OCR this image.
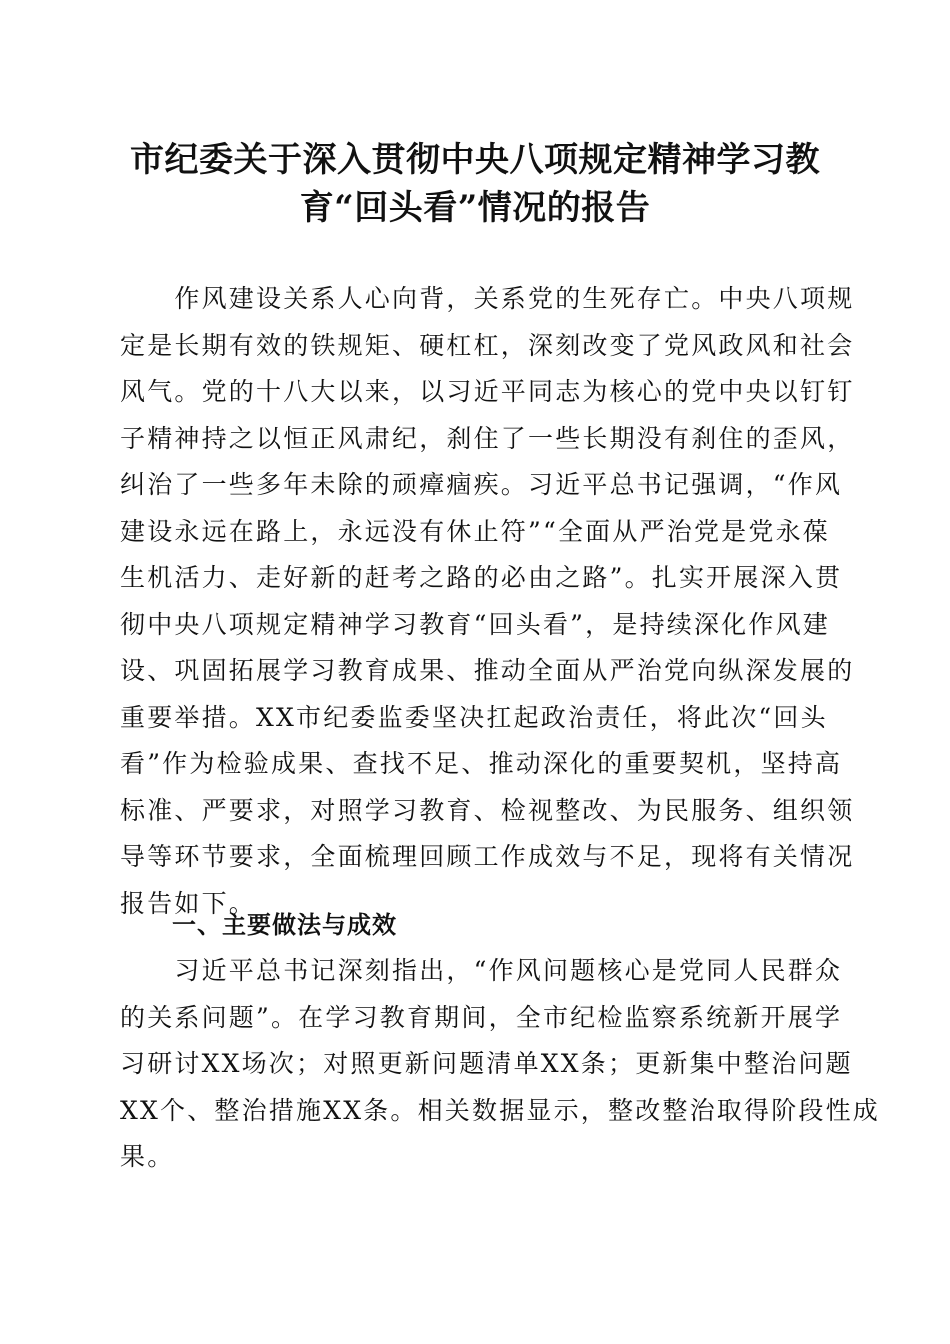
市纪委关于深入贯彻中央八项规定精神学习教
育“回头看”情况的报告

　　作风建设关系人心向背，关系党的生死存亡。中央八项规
定是长期有效的铁规矩、硬杠杠，深刻改变了党风政风和社会
风气。党的十八大以来，以习近平同志为核心的党中央以钉钉
子精神持之以恒正风肃纪，刹住了一些长期没有刹住的歪风，
纠治了一些多年未除的顽瘴痼疾。习近平总书记强调，“作风
建设永远在路上，永远没有休止符”“全面从严治党是党永葆
生机活力、走好新的赶考之路的必由之路”。扎实开展深入贯
彻中央八项规定精神学习教育“回头看”，是持续深化作风建
设、巩固拓展学习教育成果、推动全面从严治党向纵深发展的
重要举措。XX市纪委监委坚决扛起政治责任，将此次“回头
看”作为检验成果、查找不足、推动深化的重要契机，坚持高
标准、严要求，对照学习教育、检视整改、为民服务、组织领
导等环节要求，全面梳理回顾工作成效与不足，现将有关情况
报告如下。

一、主要做法与成效

　　习近平总书记深刻指出，“作风问题核心是党同人民群众
的关系问题”。在学习教育期间，全市纪检监察系统新开展学
习研讨XX场次；对照更新问题清单XX条；更新集中整治问题
XX个、整治措施XX条。相关数据显示，整改整治取得阶段性成
果。
